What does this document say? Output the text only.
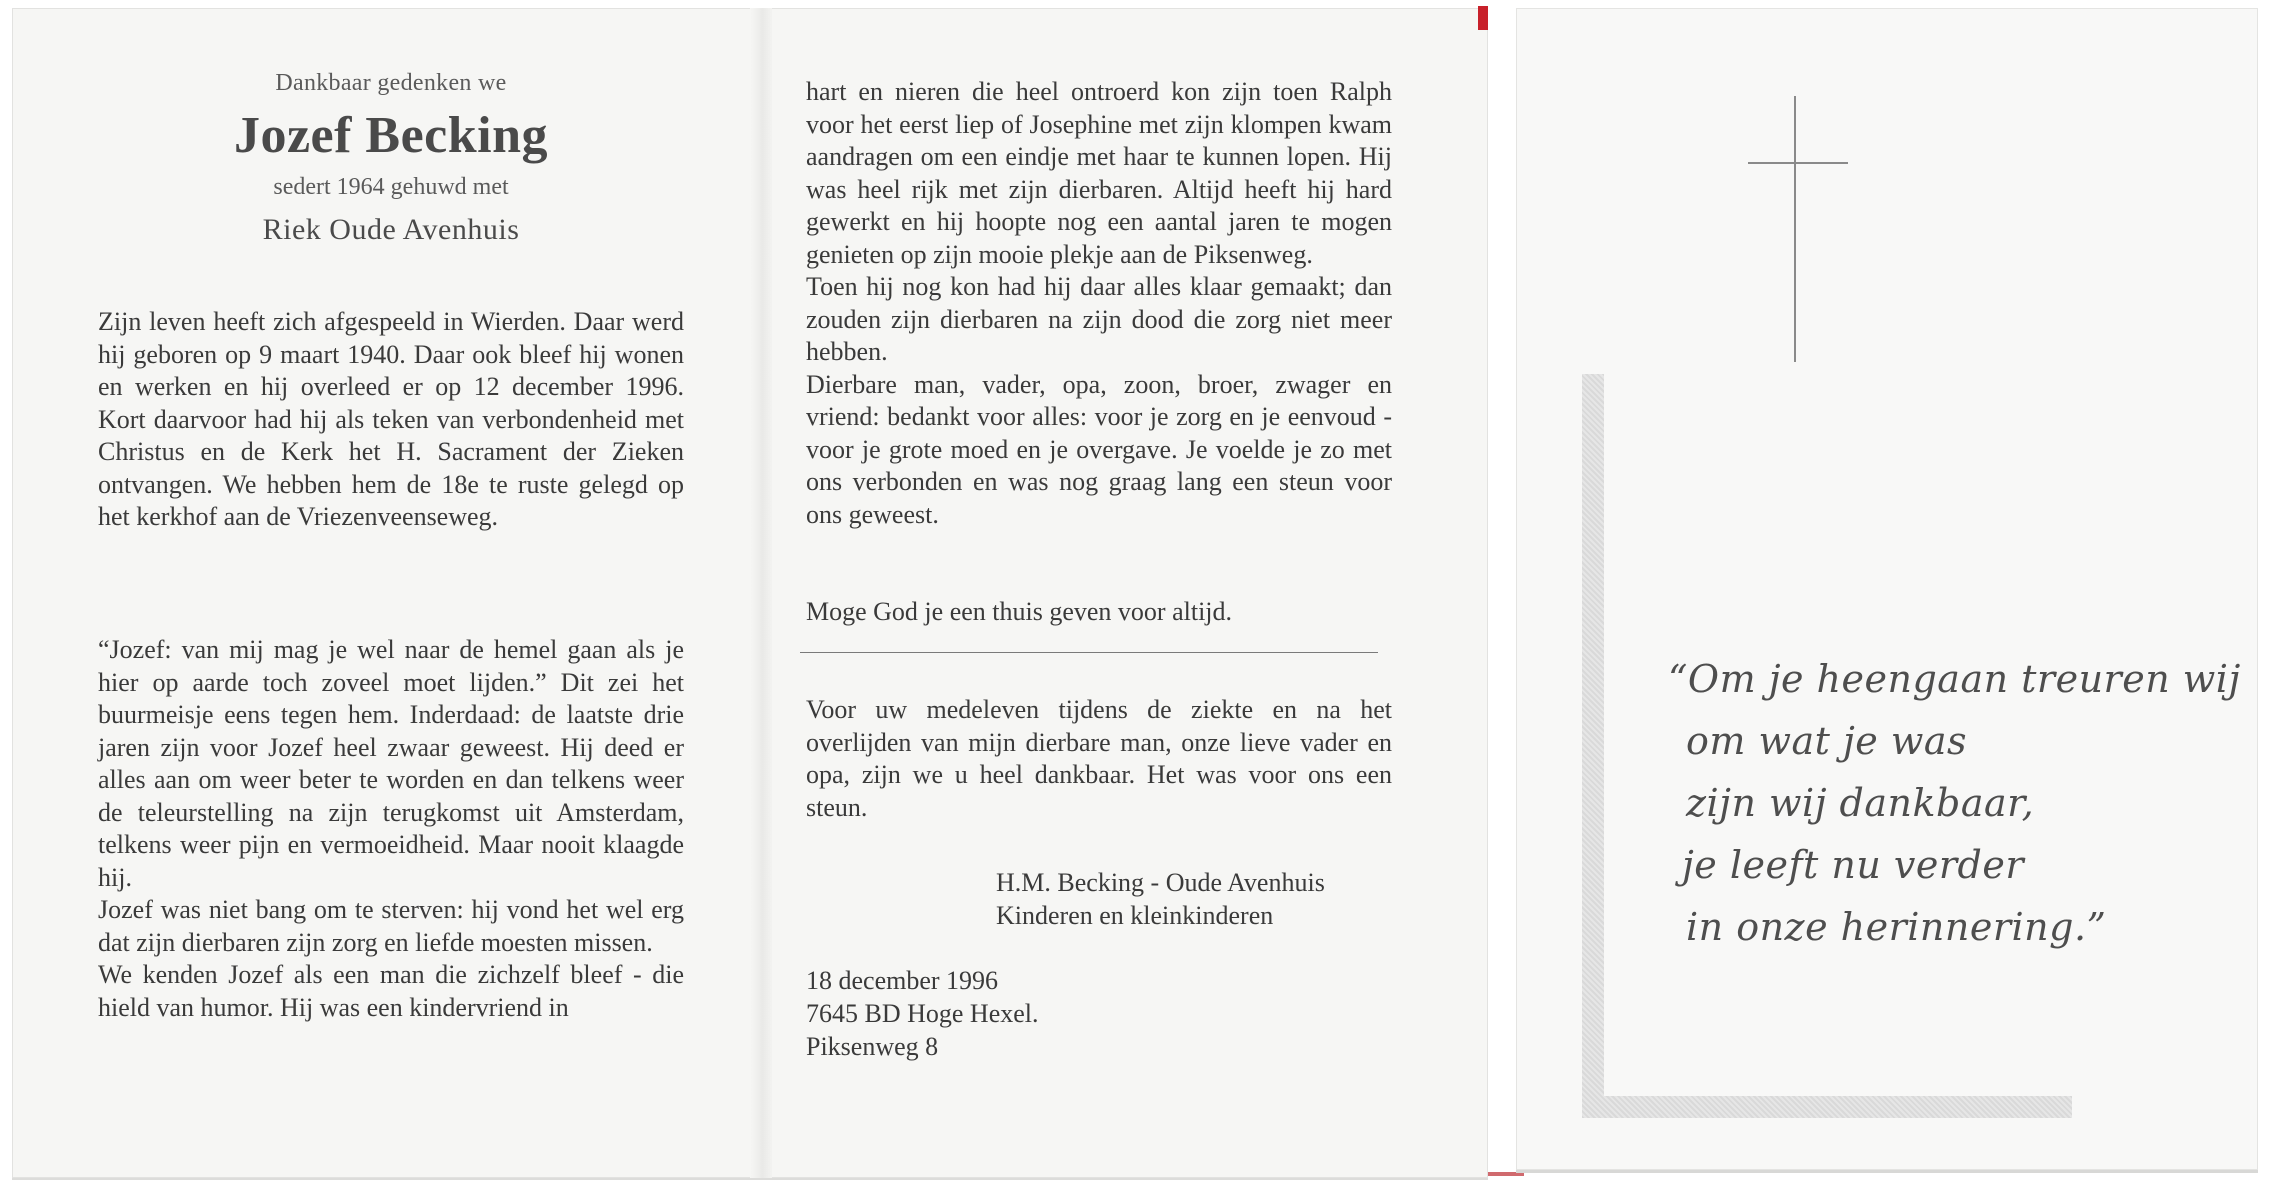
Dankbaar gedenken we
Jozef Becking
sedert 1964 gehuwd met
Riek Oude Avenhuis

Zijn leven heeft zich afgespeeld in Wierden. Daar werd hij geboren op 9 maart 1940. Daar ook bleef hij wonen en werken en hij overleed er op 12 december 1996. Kort daarvoor had hij als teken van verbondenheid met Christus en de Kerk het H. Sacrament der Zieken ontvangen. We hebben hem de 18e te ruste gelegd op het kerkhof aan de Vriezenveenseweg.

“Jozef: van mij mag je wel naar de hemel gaan als je hier op aarde toch zoveel moet lijden.” Dit zei het buurmeisje eens tegen hem. Inderdaad: de laatste drie jaren zijn voor Jozef heel zwaar geweest. Hij deed er alles aan om weer beter te worden en dan telkens weer de teleurstelling na zijn terugkomst uit Amsterdam, telkens weer pijn en vermoeidheid. Maar nooit klaagde hij.

Jozef was niet bang om te sterven: hij vond het wel erg dat zijn dierbaren zijn zorg en liefde moesten missen.

We kenden Jozef als een man die zichzelf bleef - die hield van humor. Hij was een kindervriend in

hart en nieren die heel ontroerd kon zijn toen Ralph voor het eerst liep of Josephine met zijn klompen kwam aandragen om een eindje met haar te kunnen lopen. Hij was heel rijk met zijn dierbaren. Altijd heeft hij hard gewerkt en hij hoopte nog een aantal jaren te mogen genieten op zijn mooie plekje aan de Piksenweg.

Toen hij nog kon had hij daar alles klaar gemaakt; dan zouden zijn dierbaren na zijn dood die zorg niet meer hebben.

Dierbare man, vader, opa, zoon, broer, zwager en vriend: bedankt voor alles: voor je zorg en je eenvoud - voor je grote moed en je overgave. Je voelde je zo met ons verbonden en was nog graag lang een steun voor ons geweest.

Moge God je een thuis geven voor altijd.

Voor uw medeleven tijdens de ziekte en na het overlijden van mijn dierbare man, onze lieve vader en opa, zijn we u heel dankbaar. Het was voor ons een steun.

H.M. Becking - Oude Avenhuis
Kinderen en kleinkinderen
18 december 1996
7645 BD Hoge Hexel.
Piksenweg 8
“Om je heengaan treuren wij
om wat je was
zijn wij dankbaar,
je leeft nu verder
in onze herinnering.”
